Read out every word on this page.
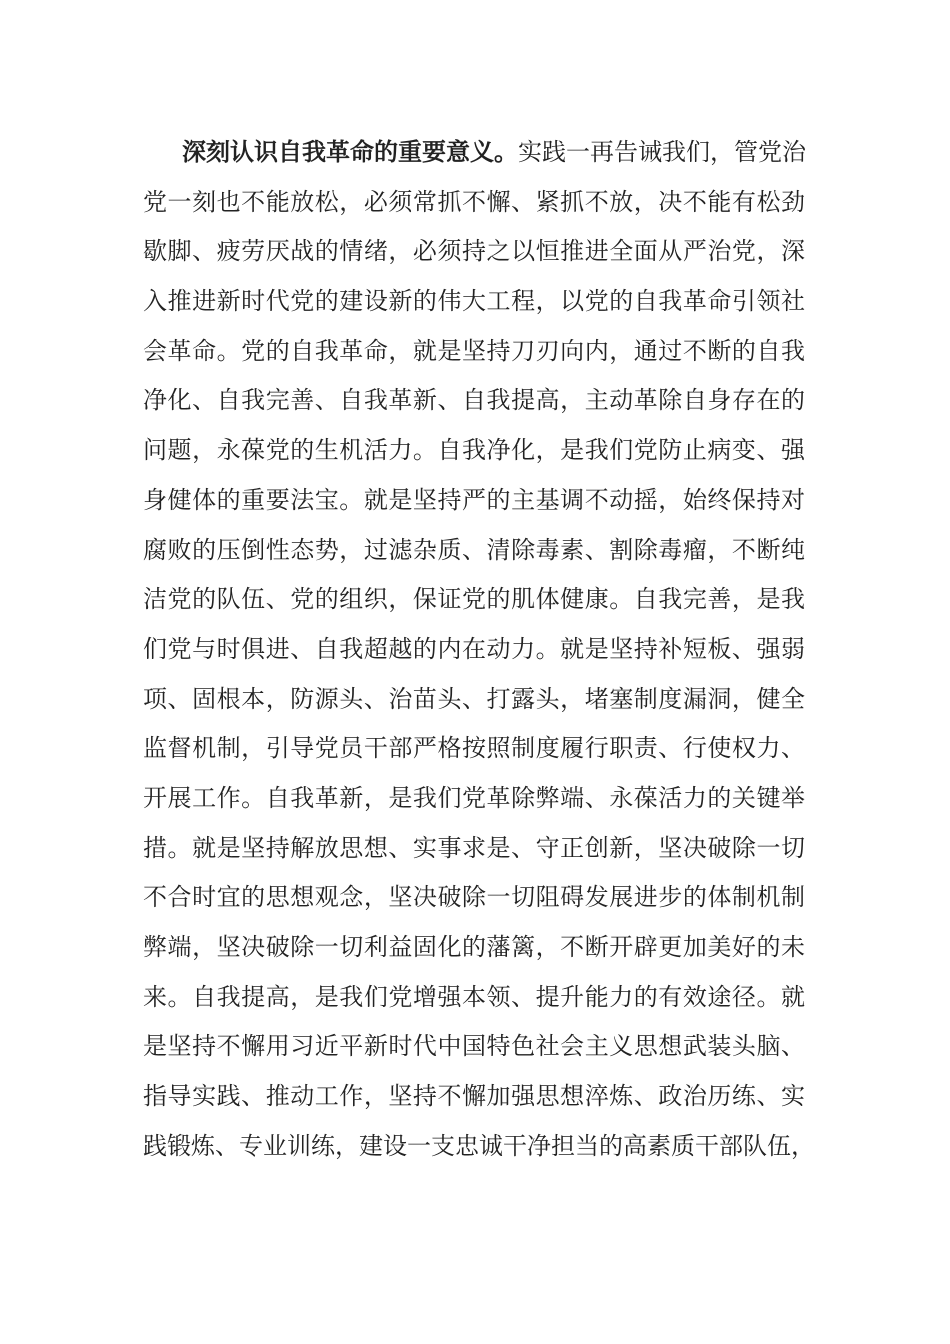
深刻认识自我革命的重要意义。实践一再告诫我们，管党治
党一刻也不能放松，必须常抓不懈、紧抓不放，决不能有松劲
歇脚、疲劳厌战的情绪，必须持之以恒推进全面从严治党，深
入推进新时代党的建设新的伟大工程，以党的自我革命引领社
会革命。党的自我革命，就是坚持刀刃向内，通过不断的自我
净化、自我完善、自我革新、自我提高，主动革除自身存在的
问题，永葆党的生机活力。自我净化，是我们党防止病变、强
身健体的重要法宝。就是坚持严的主基调不动摇，始终保持对
腐败的压倒性态势，过滤杂质、清除毒素、割除毒瘤，不断纯
洁党的队伍、党的组织，保证党的肌体健康。自我完善，是我
们党与时俱进、自我超越的内在动力。就是坚持补短板、强弱
项、固根本，防源头、治苗头、打露头，堵塞制度漏洞，健全
监督机制，引导党员干部严格按照制度履行职责、行使权力、
开展工作。自我革新，是我们党革除弊端、永葆活力的关键举
措。就是坚持解放思想、实事求是、守正创新，坚决破除一切
不合时宜的思想观念，坚决破除一切阻碍发展进步的体制机制
弊端，坚决破除一切利益固化的藩篱，不断开辟更加美好的未
来。自我提高，是我们党增强本领、提升能力的有效途径。就
是坚持不懈用习近平新时代中国特色社会主义思想武装头脑、
指导实践、推动工作，坚持不懈加强思想淬炼、政治历练、实
践锻炼、专业训练，建设一支忠诚干净担当的高素质干部队伍，
